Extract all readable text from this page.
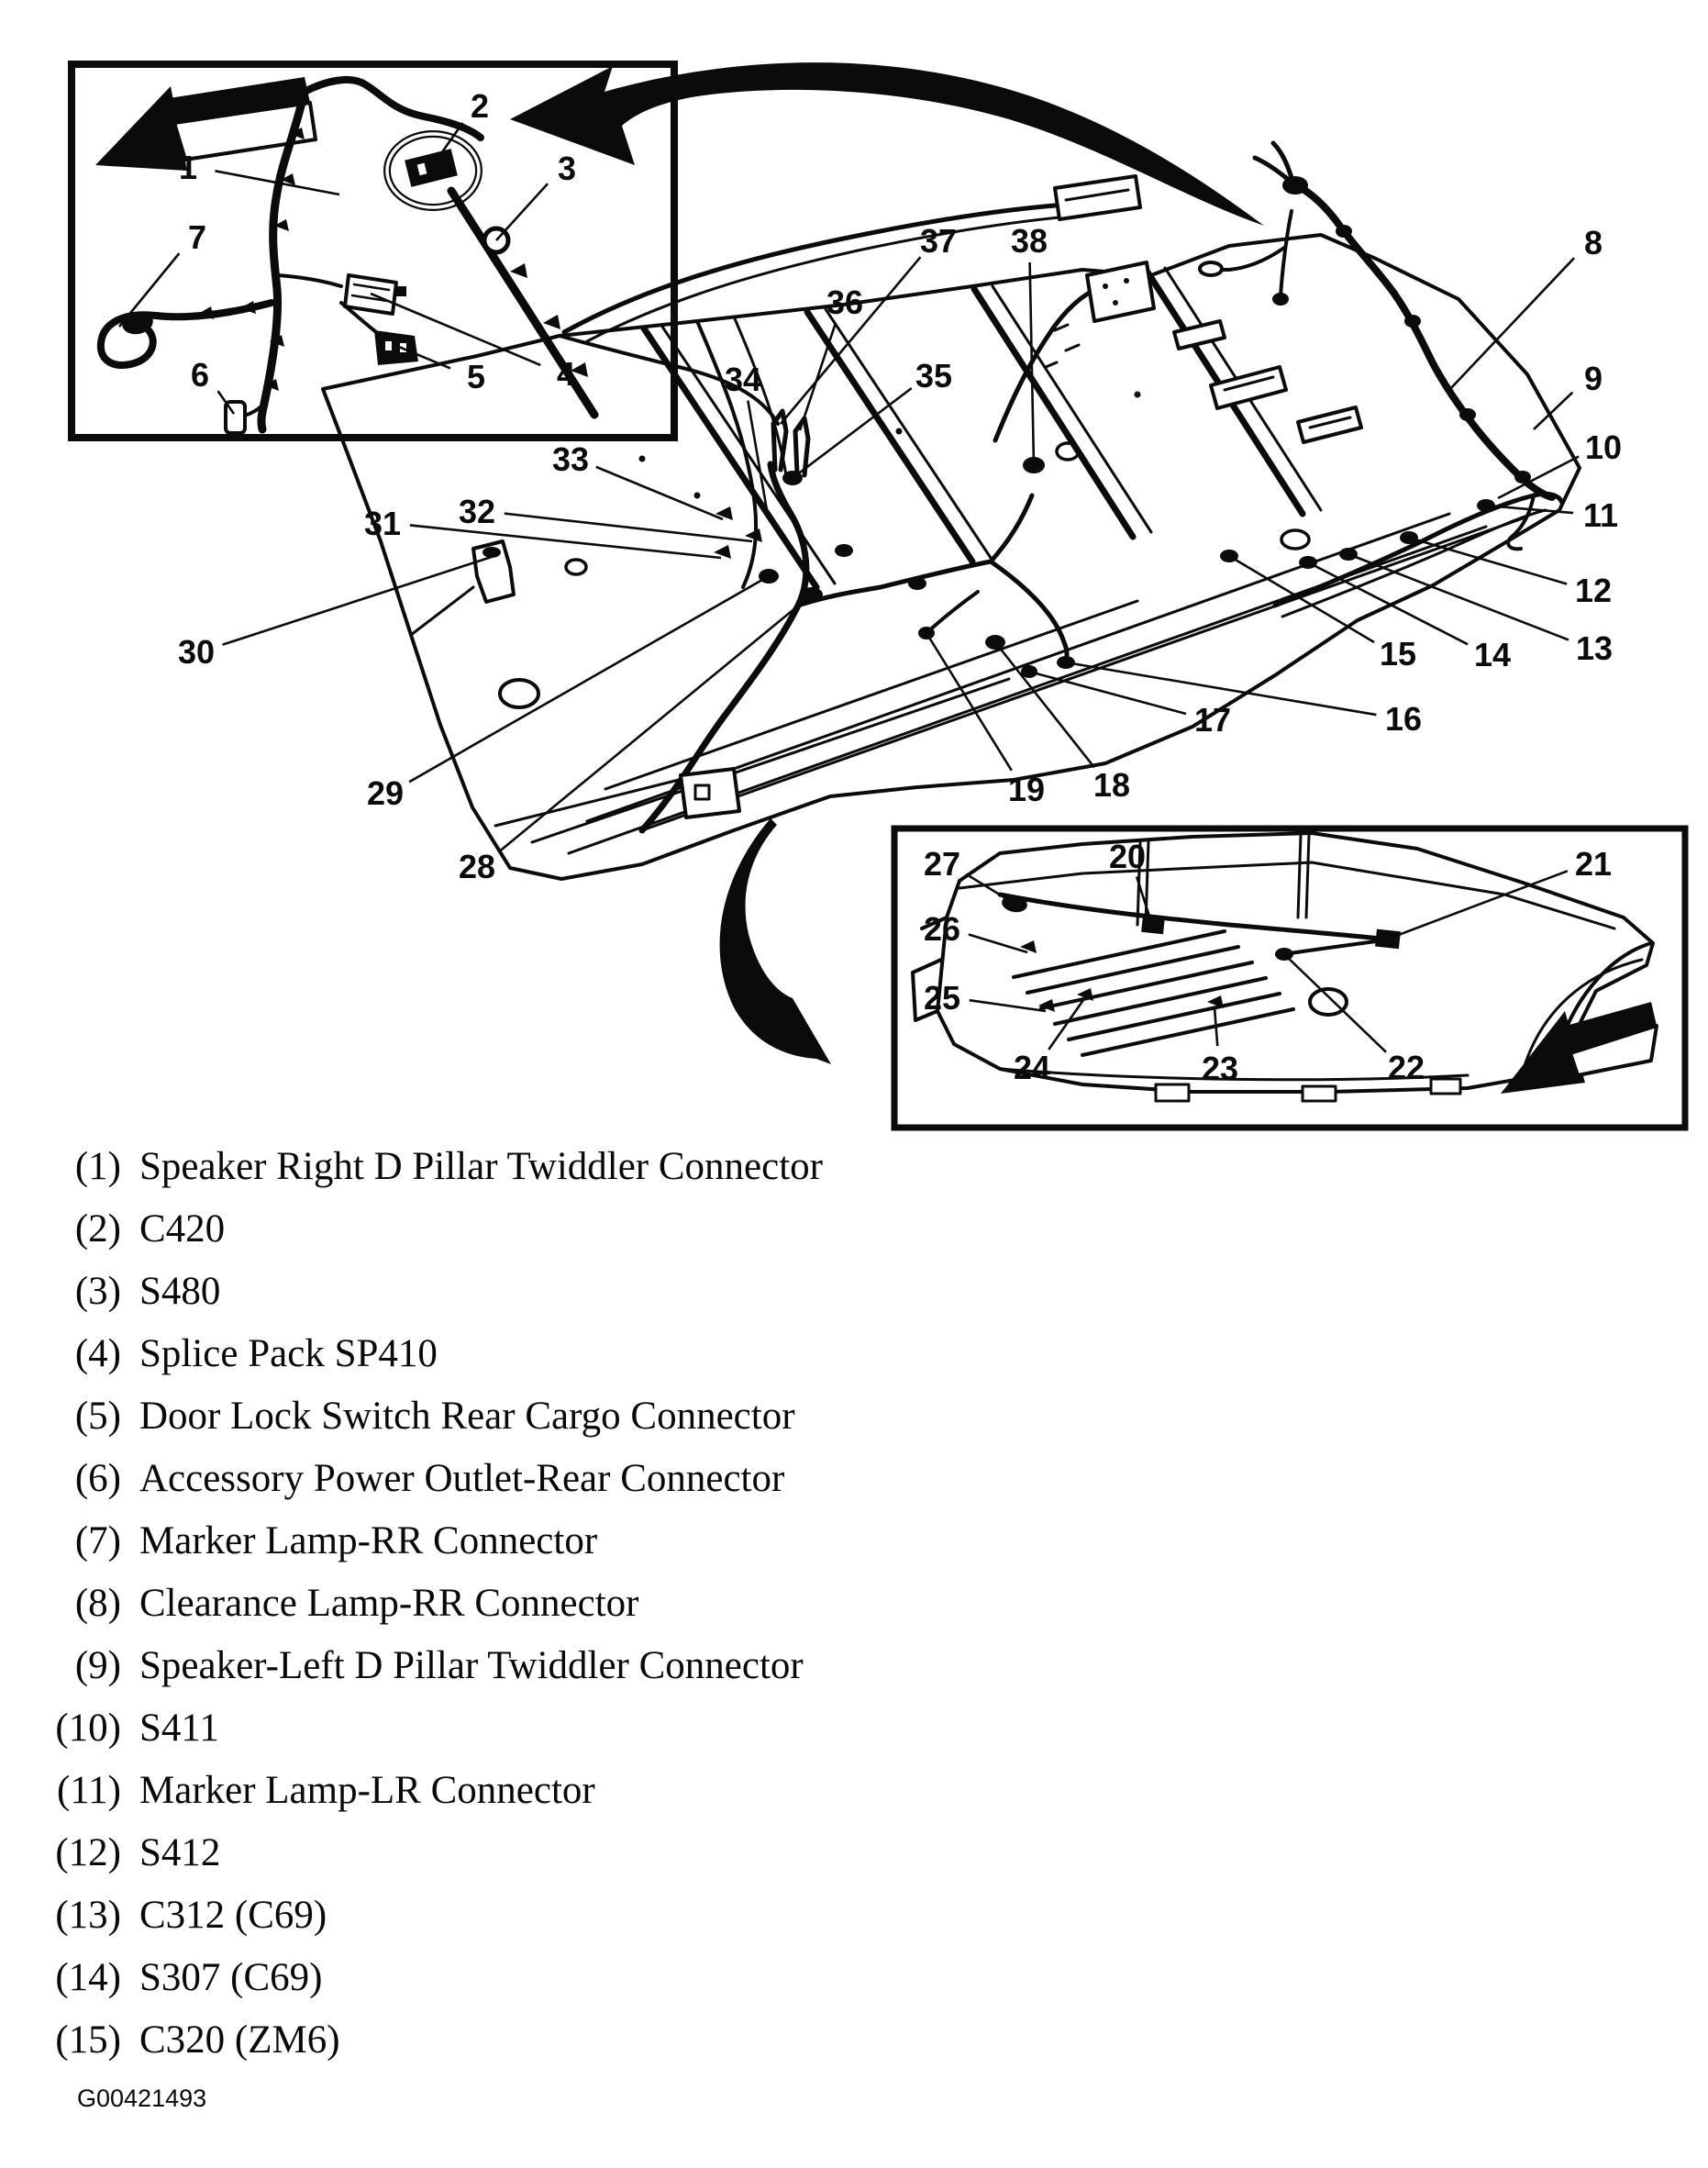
1
2
3
4
5
6
7	8
9
10
11
12
13
14
15
16
17
18
19
20	21
22
23
24
25
26
27
28
29
30
31 32
33
34	35
36
37 38
(1) Speaker Right D Pillar Twiddler Connector
(2) C420
(3) S480
(4) Splice Pack SP410
(5) Door Lock Switch Rear Cargo Connector
(6) Accessory Power Outlet-Rear Connector
(7) Marker Lamp-RR Connector
(8) Clearance Lamp-RR Connector
(9) Speaker-Left D Pillar Twiddler Connector
(10) S411
(11) Marker Lamp-LR Connector
(12) S412
(13) C312 (C69)
(14) S307 (C69)
(15) C320 (ZM6)
G00421493
